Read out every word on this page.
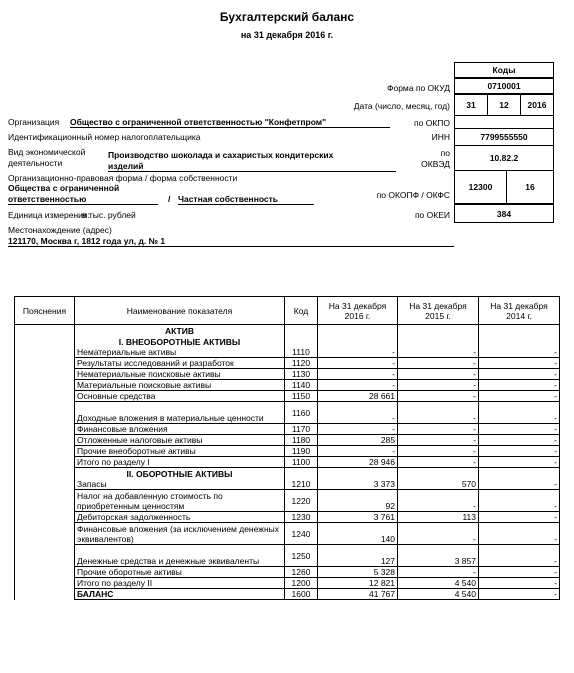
Бухгалтерский баланс
на 31 декабря 2016 г.
Коды
Форма по ОКУД	0710001
Дата (число, месяц, год)	31	12	2016
по ОКПО
ИНН	7799555550
по
ОКВЭД
10.82.2
по ОКОПФ / ОКФС
12300	16
по ОКЕИ	384
Организация Общество с ограниченной ответственностью "Конфетпром"
Идентификационный номер налогоплательщика
Вид экономической
деятельности
Производство шоколада и сахаристых кондитерских
изделий
Организационно-правовая форма / форма собственности
Общества с ограниченной
ответственностью	/ Частная собственность
Единица измерения:
в тыс. рублей
Местонахождение (адрес)
121170, Москва г, 1812 года ул, д. № 1
Пояснения	Наименование показателя	Код	На 31 декабря 2016 г.	На 31 декабря 2015 г.	На 31 декабря 2014 г.
	АКТИВ				
	I. ВНЕОБОРОТНЫЕ АКТИВЫ				
	Нематериальные активы	1110	-	-	-
	Результаты исследований и разработок	1120	-	-	-
	Нематериальные поисковые активы	1130	-	-	-
	Материальные поисковые активы	1140	-	-	-
	Основные средства	1150	28 661	-	-
	Доходные вложения в материальные ценности	1160	-	-	-
	Финансовые вложения	1170	-	-	-
	Отложенные налоговые активы	1180	285	-	-
	Прочие внеоборотные активы	1190	-	-	-
	Итого по разделу I	1100	28 946	-	-
	II. ОБОРОТНЫЕ АКТИВЫ				
	Запасы	1210	3 373	570	-
	Налог на добавленную стоимость по приобретенным ценностям	1220	92	-	-
	Дебиторская задолженность	1230	3 761	113	-
	Финансовые вложения (за исключением денежных эквивалентов)	1240	140	-	-
	Денежные средства и денежные эквиваленты	1250	127	3 857	-
	Прочие оборотные активы	1260	5 328	-	-
	Итого по разделу II	1200	12 821	4 540	-
	БАЛАНС	1600	41 767	4 540	-
